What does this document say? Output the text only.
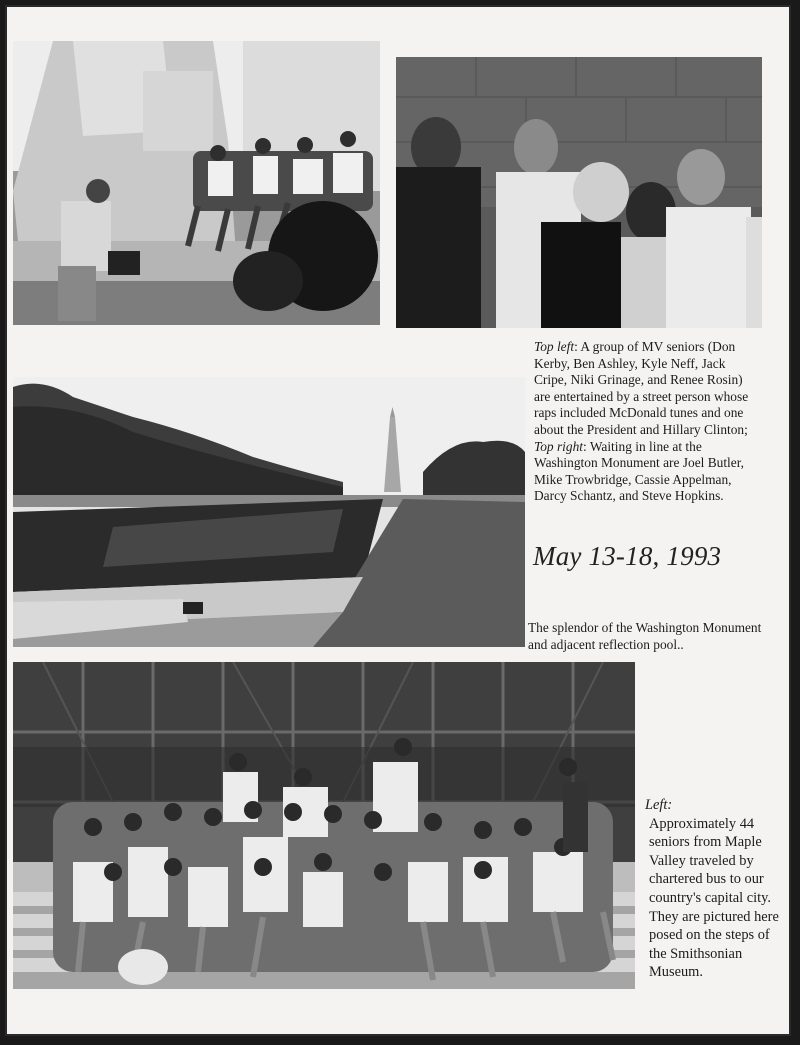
Top left: A group of MV seniors (Don Kerby, Ben Ashley, Kyle Neff, Jack Cripe, Niki Grinage, and Renee Rosin) are entertained by a street person whose raps included McDonald tunes and one about the President and Hillary Clinton; Top right: Waiting in line at the Washington Monument are Joel Butler, Mike Trowbridge, Cassie Appelman, Darcy Schantz, and Steve Hopkins.
May 13-18, 1993
The splendor of the Washington Monument and adjacent reflection pool..
Left:
Approximately 44 seniors from Maple Valley traveled by chartered bus to our country's capital city. They are pictured here posed on the steps of the Smithsonian Museum.
